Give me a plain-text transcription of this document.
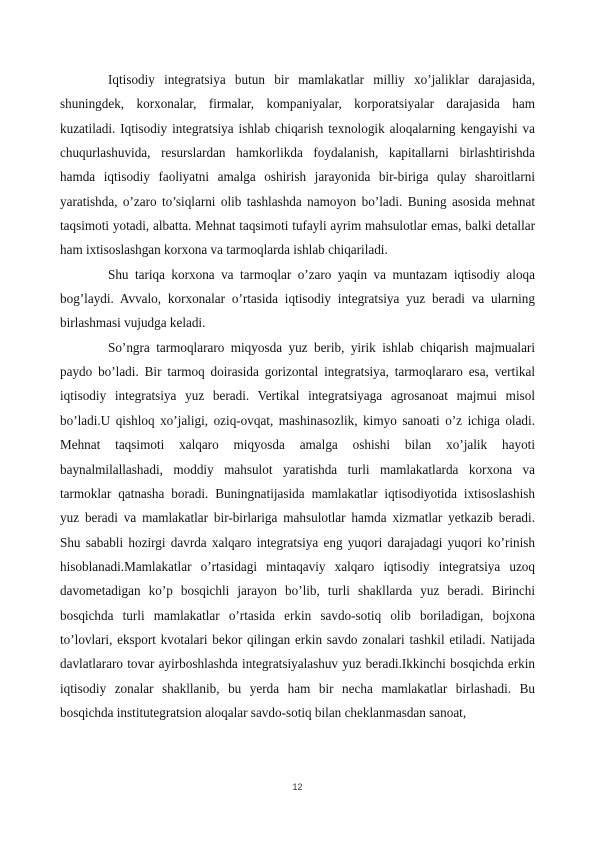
Iqtisodiy integratsiya butun bir mamlakatlar milliy xo’jaliklar darajasida, shuningdek, korxonalar, firmalar, kompaniyalar, korporatsiyalar darajasida ham kuzatiladi. Iqtisodiy integratsiya ishlab chiqarish texnologik aloqalarning kengayishi va chuqurlashuvida, resurslardan hamkorlikda foydalanish, kapitallarni birlashtirishda hamda iqtisodiy faoliyatni amalga oshirish jarayonida bir-biriga qulay sharoitlarni yaratishda, o’zaro to’siqlarni olib tashlashda namoyon bo’ladi. Buning asosida mehnat taqsimoti yotadi, albatta. Mehnat taqsimoti tufayli ayrim mahsulotlar emas, balki detallar ham ixtisoslashgan korxona va tarmoqlarda ishlab chiqariladi.

Shu tariqa korxona va tarmoqlar o’zaro yaqin va muntazam iqtisodiy aloqa bog’laydi. Avvalo, korxonalar o’rtasida iqtisodiy integratsiya yuz beradi va ularning birlashmasi vujudga keladi.

So’ngra tarmoqlararo miqyosda yuz berib, yirik ishlab chiqarish majmualari paydo bo’ladi. Bir tarmoq doirasida gorizontal integratsiya, tarmoqlararo esa, vertikal iqtisodiy integratsiya yuz beradi. Vertikal integratsiyaga agrosanoat majmui misol bo’ladi.U qishloq xo’jaligi, oziq-ovqat, mashinasozlik, kimyo sanoati o’z ichiga oladi. Mehnat taqsimoti xalqaro miqyosda amalga oshishi bilan xo’jalik hayoti baynalmilallashadi, moddiy mahsulot yaratishda turli mamlakatlarda korxona va tarmoklar qatnasha boradi. Buningnatijasida mamlakatlar iqtisodiyotida ixtisoslashish yuz beradi va mamlakatlar bir-birlariga mahsulotlar hamda xizmatlar yetkazib beradi. Shu sababli hozirgi davrda xalqaro integratsiya eng yuqori darajadagi yuqori ko’rinish hisoblanadi.Mamlakatlar o’rtasidagi mintaqaviy xalqaro iqtisodiy integratsiya uzoq davometadigan ko’p bosqichli jarayon bo’lib, turli shakllarda yuz beradi. Birinchi bosqichda turli mamlakatlar o’rtasida erkin savdo-sotiq olib boriladigan, bojxona to’lovlari, eksport kvotalari bekor qilingan erkin savdo zonalari tashkil etiladi. Natijada davlatlararo tovar ayirboshlashda integratsiyalashuv yuz beradi.Ikkinchi bosqichda erkin iqtisodiy zonalar shakllanib, bu yerda ham bir necha mamlakatlar birlashadi. Bu bosqichda institutegratsion aloqalar savdo-sotiq bilan cheklanmasdan sanoat,

12
